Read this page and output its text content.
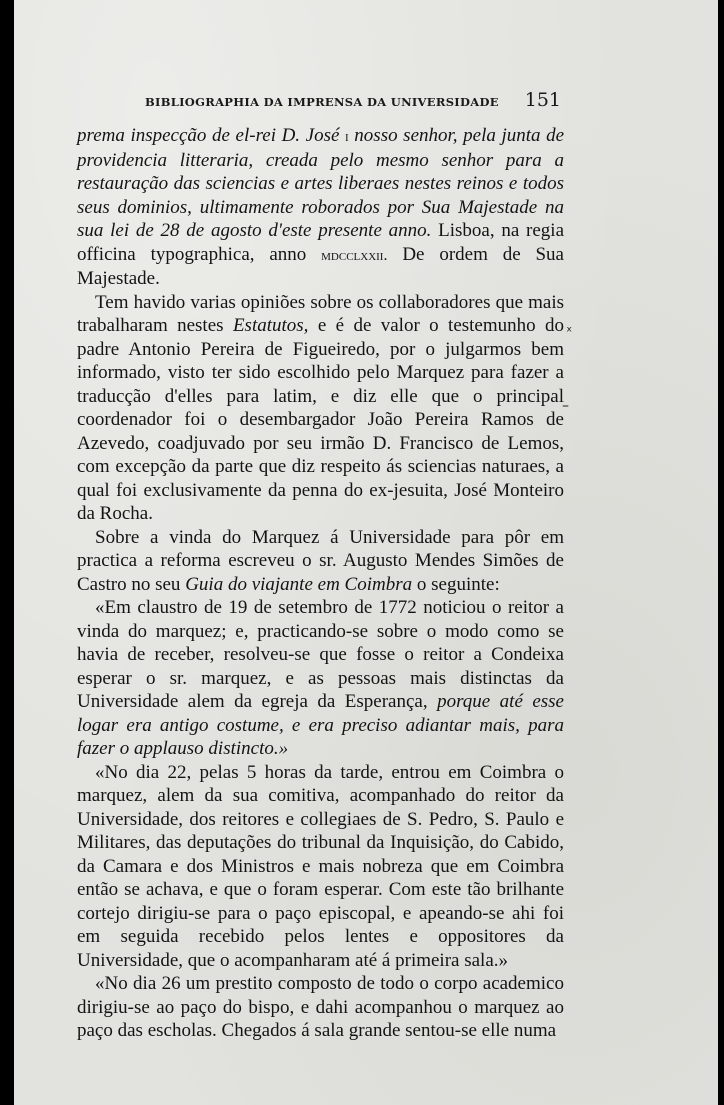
BIBLIOGRAPHIA DA IMPRENSA DA UNIVERSIDADE 151

prema inspecção de el-rei D. José i nosso senhor, pela junta de providencia litteraria, creada pelo mesmo senhor para a restauração das sciencias e artes liberaes nestes reinos e todos seus dominios, ultimamente roborados por Sua Majestade na sua lei de 28 de agosto d'este presente anno. Lisboa, na regia officina typographica, anno mdcclxxii. De ordem de Sua Majestade.

Tem havido varias opiniões sobre os collaboradores que mais trabalharam nestes Estatutos, e é de valor o testemunho do padre Antonio Pereira de Figueiredo, por o julgarmos bem informado, visto ter sido escolhido pelo Marquez para fazer a traducção d'elles para latim, e diz elle que o principal coordenador foi o desembargador João Pereira Ramos de Azevedo, coadjuvado por seu irmão D. Francisco de Lemos, com excepção da parte que diz respeito ás sciencias naturaes, a qual foi exclusivamente da penna do ex-jesuita, José Monteiro da Rocha.

Sobre a vinda do Marquez á Universidade para pôr em practica a reforma escreveu o sr. Augusto Mendes Simões de Castro no seu Guia do viajante em Coimbra o seguinte:

«Em claustro de 19 de setembro de 1772 noticiou o reitor a vinda do marquez; e, practicando-se sobre o modo como se havia de receber, resolveu-se que fosse o reitor a Condeixa esperar o sr. marquez, e as pessoas mais distinctas da Universidade alem da egreja da Esperança, porque até esse logar era antigo costume, e era preciso adiantar mais, para fazer o applauso distincto.»

«No dia 22, pelas 5 horas da tarde, entrou em Coimbra o marquez, alem da sua comitiva, acompanhado do reitor da Universidade, dos reitores e collegiaes de S. Pedro, S. Paulo e Militares, das deputações do tribunal da Inquisição, do Cabido, da Camara e dos Ministros e mais nobreza que em Coimbra então se achava, e que o foram esperar. Com este tão brilhante cortejo dirigiu-se para o paço episcopal, e apeando-se ahi foi em seguida recebido pelos lentes e oppositores da Universidade, que o acompanharam até á primeira sala.»

«No dia 26 um prestito composto de todo o corpo academico dirigiu-se ao paço do bispo, e dahi acompanhou o marquez ao paço das escholas. Chegados á sala grande sentou-se elle numa

ˣ
–
